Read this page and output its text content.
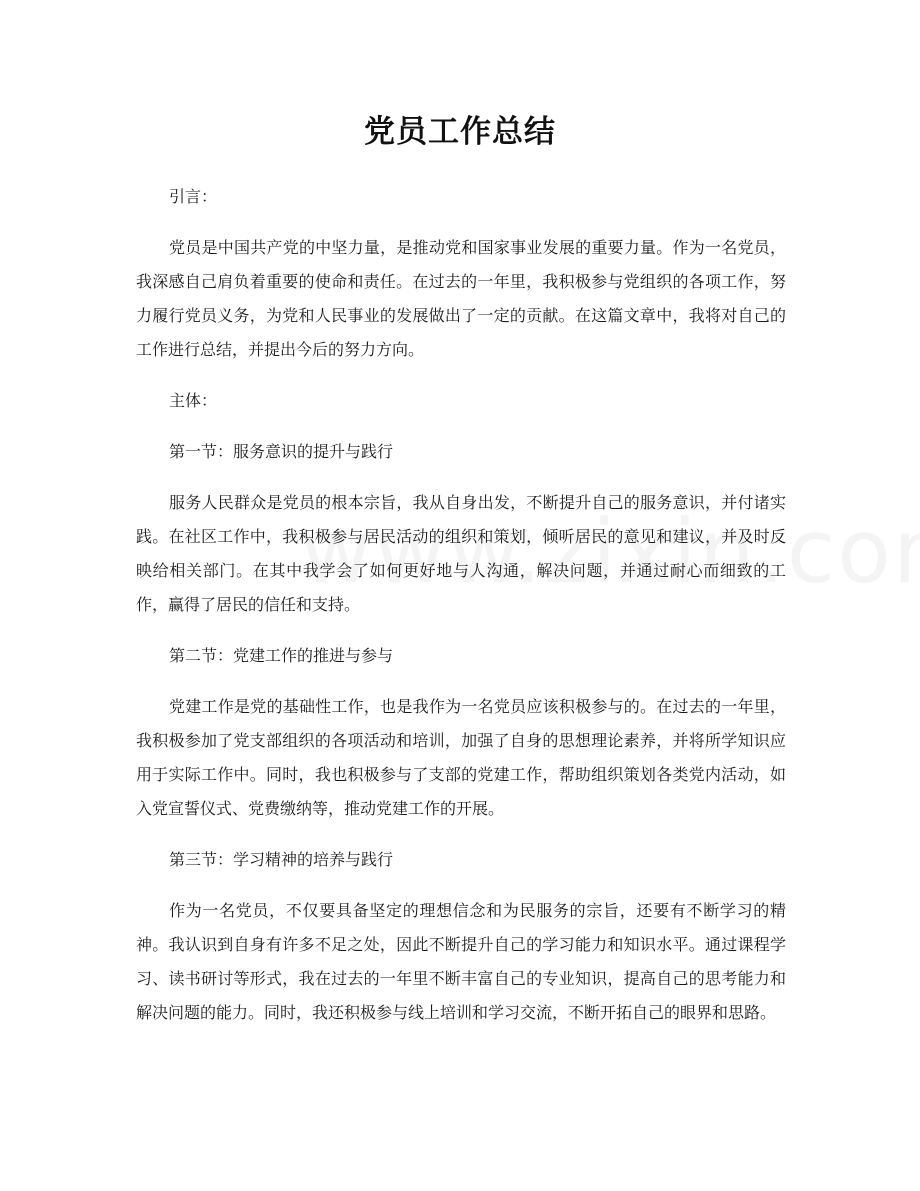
党员工作总结

引言：

党员是中国共产党的中坚力量，是推动党和国家事业发展的重要力量。作为一名党员，我深感自己肩负着重要的使命和责任。在过去的一年里，我积极参与党组织的各项工作，努力履行党员义务，为党和人民事业的发展做出了一定的贡献。在这篇文章中，我将对自己的工作进行总结，并提出今后的努力方向。

主体：

第一节：服务意识的提升与践行

服务人民群众是党员的根本宗旨，我从自身出发，不断提升自己的服务意识，并付诸实践。在社区工作中，我积极参与居民活动的组织和策划，倾听居民的意见和建议，并及时反映给相关部门。在其中我学会了如何更好地与人沟通，解决问题，并通过耐心而细致的工作，赢得了居民的信任和支持。

第二节：党建工作的推进与参与

党建工作是党的基础性工作，也是我作为一名党员应该积极参与的。在过去的一年里，我积极参加了党支部组织的各项活动和培训，加强了自身的思想理论素养，并将所学知识应用于实际工作中。同时，我也积极参与了支部的党建工作，帮助组织策划各类党内活动，如入党宣誓仪式、党费缴纳等，推动党建工作的开展。

第三节：学习精神的培养与践行

作为一名党员，不仅要具备坚定的理想信念和为民服务的宗旨，还要有不断学习的精神。我认识到自身有许多不足之处，因此不断提升自己的学习能力和知识水平。通过课程学习、读书研讨等形式，我在过去的一年里不断丰富自己的专业知识，提高自己的思考能力和解决问题的能力。同时，我还积极参与线上培训和学习交流，不断开拓自己的眼界和思路。
